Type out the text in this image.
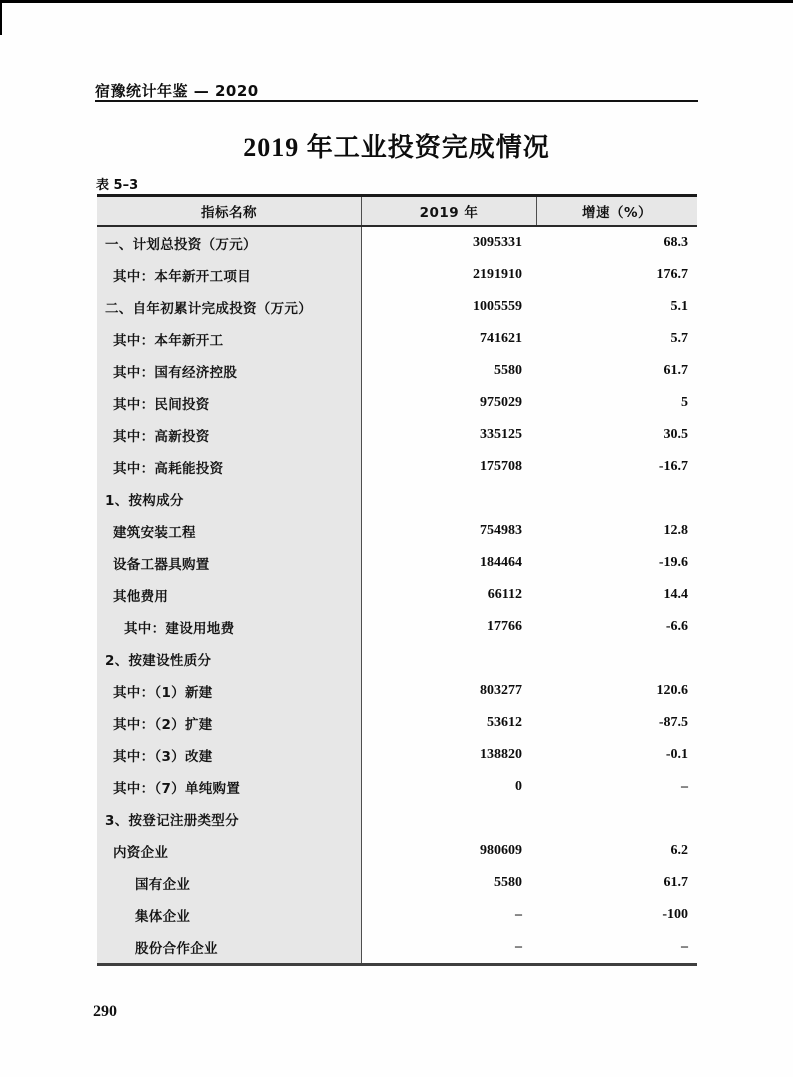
宿豫统计年鉴 — 2020
2019 年工业投资完成情况
表 5–3
指标名称	2019 年	增速（%）
一、计划总投资（万元）	3095331	68.3
其中：本年新开工项目	2191910	176.7
二、自年初累计完成投资（万元）	1005559	5.1
其中：本年新开工	741621	5.7
其中：国有经济控股	5580	61.7
其中：民间投资	975029	5
其中：高新投资	335125	30.5
其中：高耗能投资	175708	-16.7
1、按构成分
建筑安装工程	754983	12.8
设备工器具购置	184464	-19.6
其他费用	66112	14.4
其中：建设用地费	17766	-6.6
2、按建设性质分
其中：（1）新建	803277	120.6
其中：（2）扩建	53612	-87.5
其中：（3）改建	138820	-0.1
其中：（7）单纯购置	0	–
3、按登记注册类型分
内资企业	980609	6.2
国有企业	5580	61.7
集体企业	–	-100
股份合作企业	–	–
290
